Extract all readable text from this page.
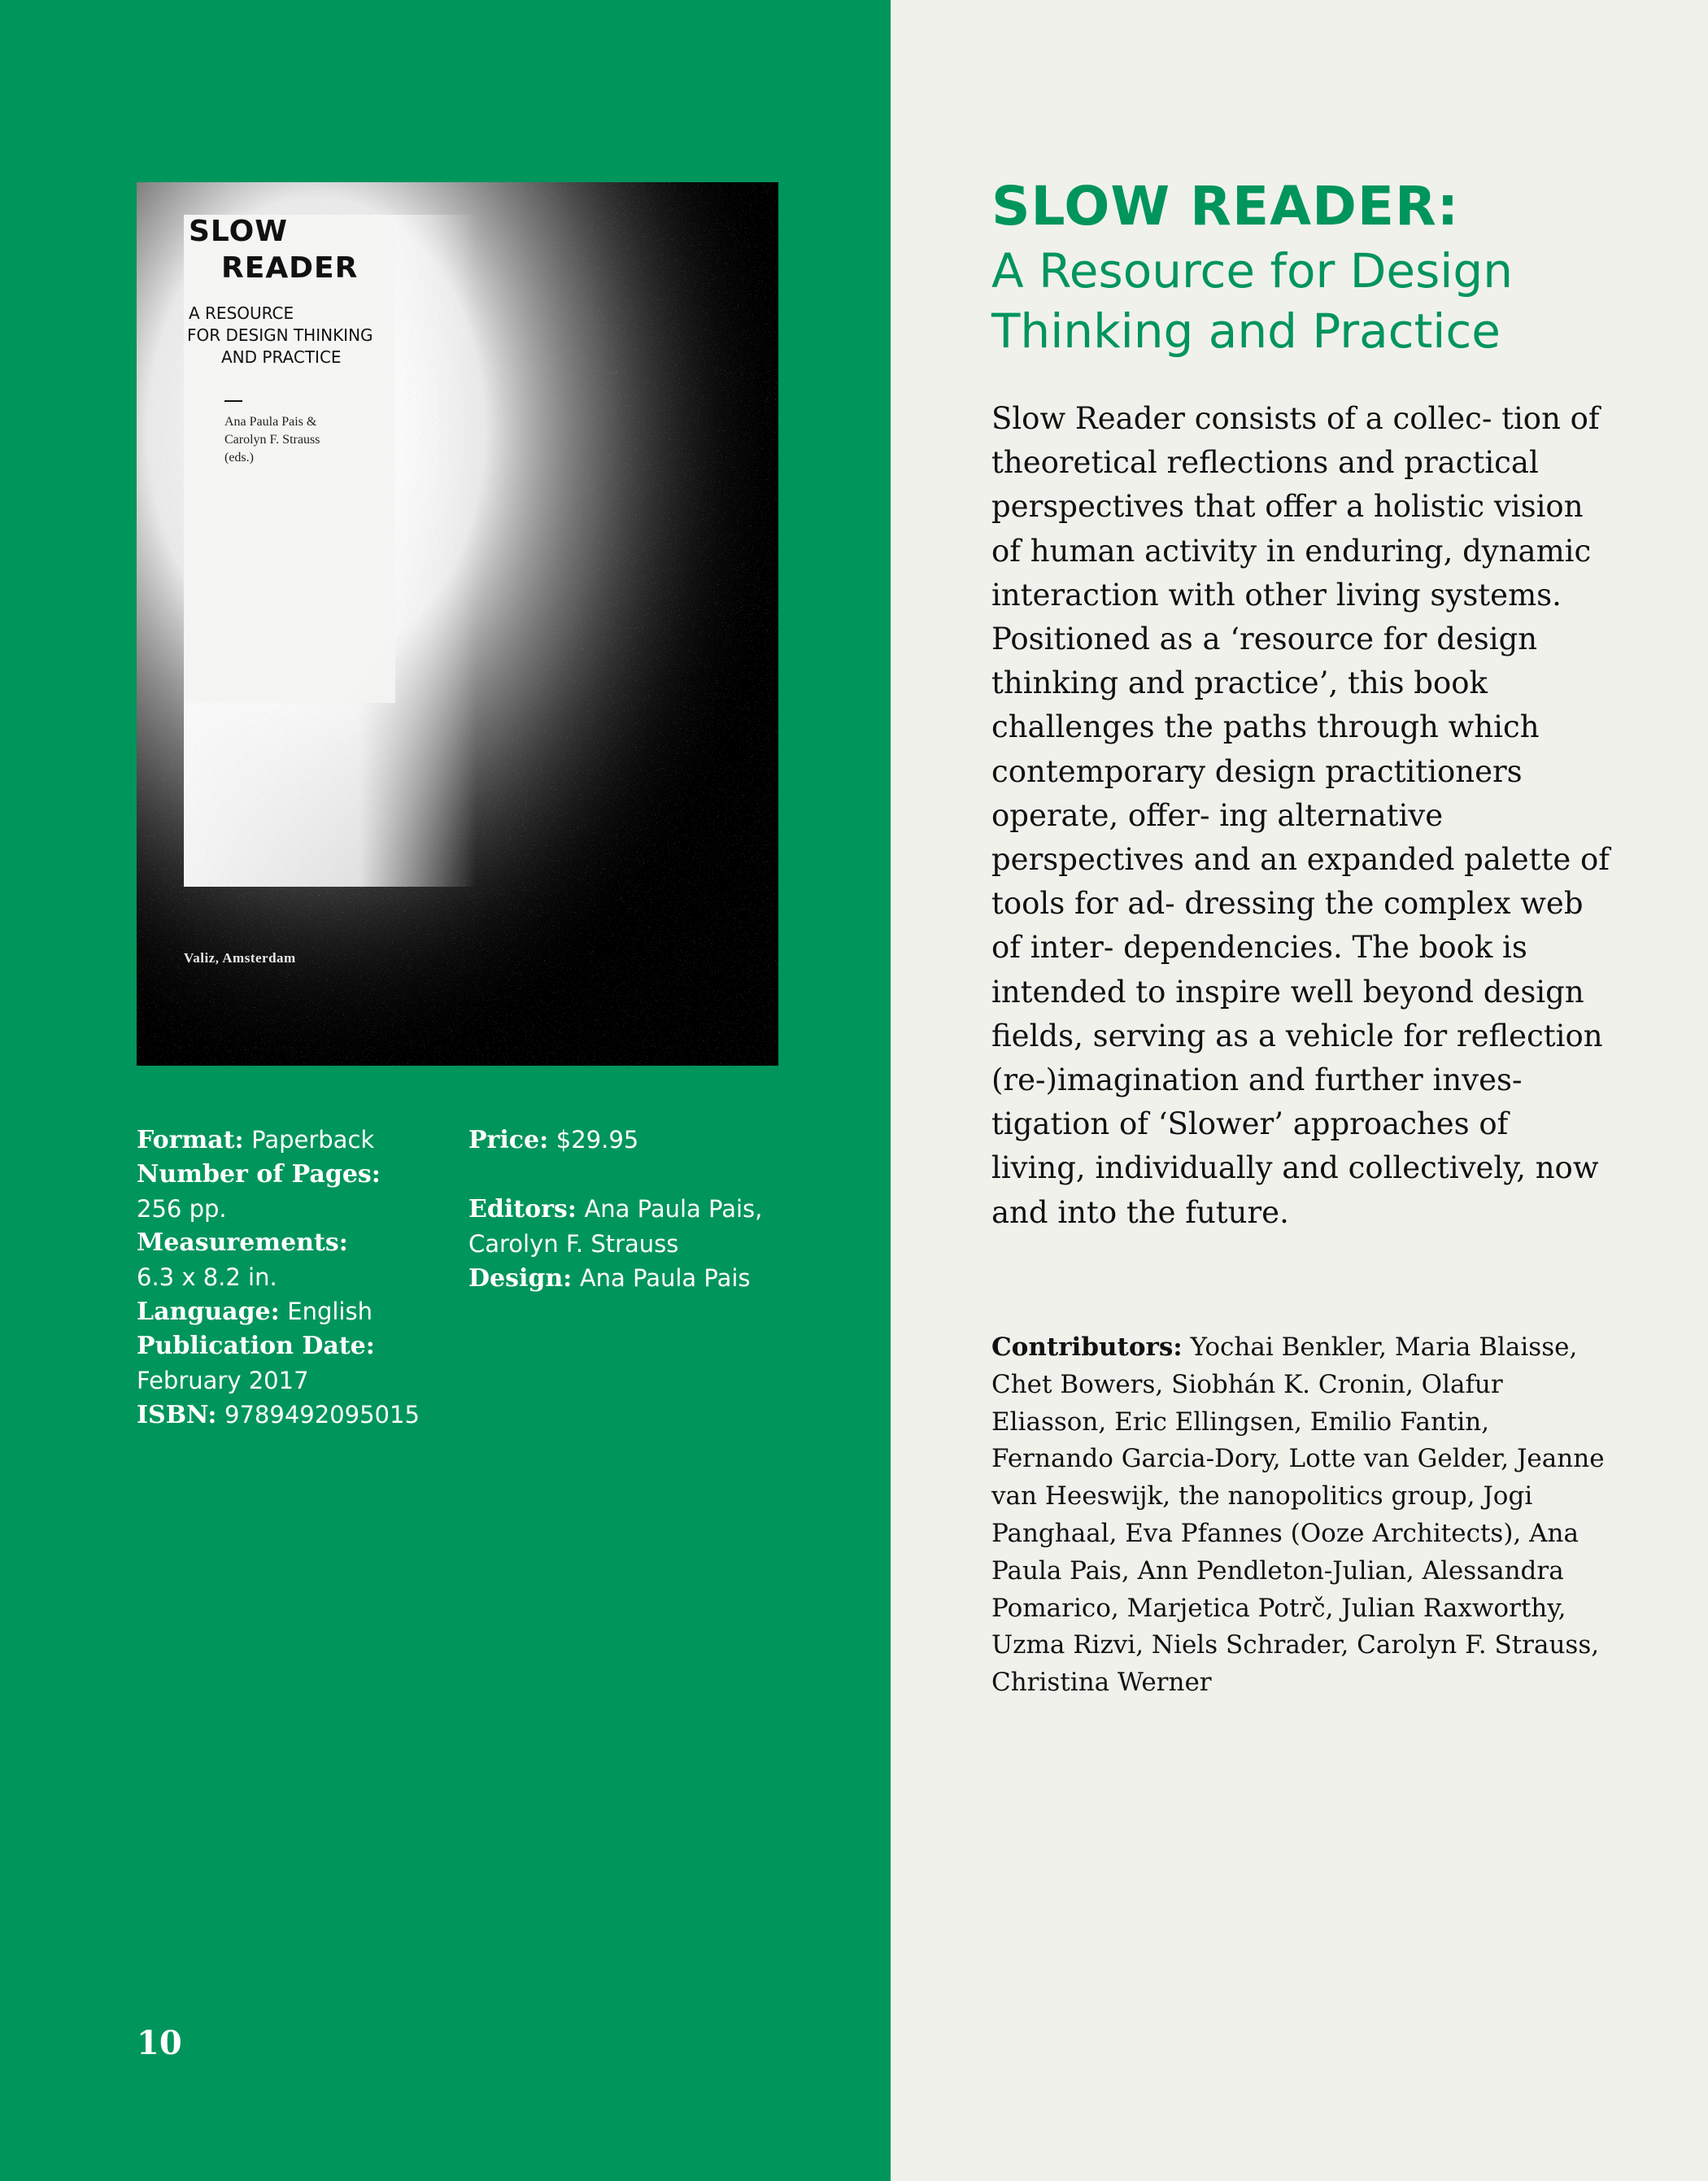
SLOW
READER
A RESOURCE
FOR DESIGN THINKING
AND PRACTICE
Ana Paula Pais &
Carolyn F. Strauss
(eds.)
Valiz, Amsterdam
Format: Paperback
Number of Pages:
256 pp.
Measurements:
6.3 x 8.2 in.
Language: English
Publication Date:
February 2017
ISBN: 9789492095015
Price: $29.95
Editors: Ana Paula Pais,
Carolyn F. Strauss
Design: Ana Paula Pais
10
SLOW READER:
A Resource for Design Thinking and Practice
Slow Reader consists of a collec- tion of theoretical reflections and practical perspectives that offer a holistic vision of human activity in enduring, dynamic interaction with other living systems. Positioned as a ‘resource for design thinking and practice’, this book challenges the paths through which contemporary design practitioners operate, offer- ing alternative perspectives and an expanded palette of tools for ad- dressing the complex web of inter- dependencies. The book is intended to inspire well beyond design fields, serving as a vehicle for reflection (re-)imagination and further inves- tigation of ‘Slower’ approaches of living, individually and collectively, now and into the future.
Contributors: Yochai Benkler, Maria Blaisse, Chet Bowers, Siobhán K. Cronin, Olafur Eliasson, Eric Ellingsen, Emilio Fantin, Fernando Garcia-Dory, Lotte van Gelder, Jeanne van Heeswijk, the nanopolitics group, Jogi Panghaal, Eva Pfannes (Ooze Architects), Ana Paula Pais, Ann Pendleton-Julian, Alessandra Pomarico, Marjetica Potrč, Julian Raxworthy, Uzma Rizvi, Niels Schrader, Carolyn F. Strauss, Christina Werner
